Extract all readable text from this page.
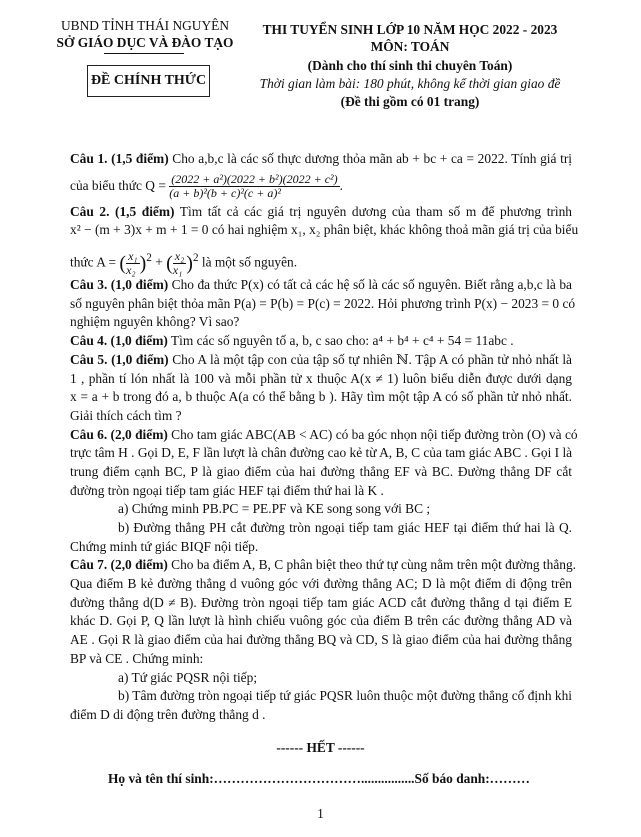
UBND TỈNH THÁI NGUYÊN
SỞ GIÁO DỤC VÀ ĐÀO TẠO
ĐỀ CHÍNH THỨC
THI TUYỂN SINH LỚP 10 NĂM HỌC 2022 - 2023
MÔN: TOÁN
(Dành cho thí sinh thi chuyên Toán)
Thời gian làm bài: 180 phút, không kể thời gian giao đề
(Đề thi gồm có 01 trang)
Câu 1. (1,5 điểm) Cho a,b,c là các số thực dương thỏa mãn ab + bc + ca = 2022. Tính giá trị
của biểu thức $Q = \frac{\text{(2022 + a²)(2022 + b²)(2022 + c²)}}{\text{(a + b)²(b + c)²(c + a)²}}$ .
Câu 2. (1,5 điểm) Tìm tất cả các giá trị nguyên dương của tham số m để phương trình
x² − (m + 3)x + m + 1 = 0 có hai nghiệm x₁, x₂ phân biệt, khác không thoả mãn giá trị của biểu
thức A = ( $\frac{\text{x₁}}{\text{x₂}} )^2$ + ( $\frac{\text{x₂}}{\text{x₁}} )^2$ là một số nguyên.
Câu 3. (1,0 điểm) Cho đa thức P(x) có tất cả các hệ số là các số nguyên. Biết rằng a,b,c là ba
số nguyên phân biệt thỏa mãn P(a) = P(b) = P(c) = 2022. Hỏi phương trình P(x) − 2023 = 0 có
nghiệm nguyên không? Vì sao?
Câu 4. (1,0 điểm) Tìm các số nguyên tố a, b, c sao cho: a⁴ + b⁴ + c⁴ + 54 = 11abc .
Câu 5. (1,0 điểm) Cho A là một tập con của tập số tự nhiên ℕ. Tập A có phần tử nhỏ nhất là
1 , phần tí lón nhất là 100 và mỗi phần tử x thuộc A(x ≠ 1) luôn biểu diễn được dưới dạng
x = a + b trong đó a, b thuộc A(a có thể bằng b ). Hãy tìm một tập A có số phần tử nhỏ nhất.
Giải thích cách tìm ?
Câu 6. (2,0 điểm) Cho tam giác ABC(AB < AC) có ba góc nhọn nội tiếp đường tròn (O) và có
trực tâm H . Gọi D, E, F lần lượt là chân đường cao kẻ từ A, B, C của tam giác ABC . Gọi I là
trung điểm cạnh BC, P là giao điểm của hai đường thẳng EF và BC. Đường thẳng DF cắt
đường tròn ngoại tiếp tam giác HEF tại điểm thứ hai là K .
a) Chứng minh PB.PC = PE.PF và KE song song với BC ;
b) Đường thẳng PH cắt đường tròn ngoại tiếp tam giác HEF tại điểm thứ hai là Q.
Chứng minh tứ giác BIQF nội tiếp.
Câu 7. (2,0 điểm) Cho ba điểm A, B, C phân biệt theo thứ tự cùng nằm trên một đường thẳng.
Qua điểm B kẻ đường thẳng d vuông góc với đường thẳng AC; D là một điểm di động trên
đường thẳng d(D ≠ B). Đường tròn ngoại tiếp tam giác ACD cắt đường thẳng d tại điểm E
khác D. Gọi P, Q lần lượt là hình chiếu vuông góc của điểm B trên các đường thẳng AD và
AE . Gọi R là giao điểm của hai đường thẳng BQ và CD, S là giao điểm của hai đường thẳng
BP và CE . Chứng minh:
a) Tứ giác PQSR nội tiếp;
b) Tâm đường tròn ngoại tiếp tứ giác PQSR luôn thuộc một đường thẳng cố định khi
điểm D di động trên đường thẳng d .
------ HẾT ------
Họ và tên thí sinh:……………………………................Số báo danh:………
1
